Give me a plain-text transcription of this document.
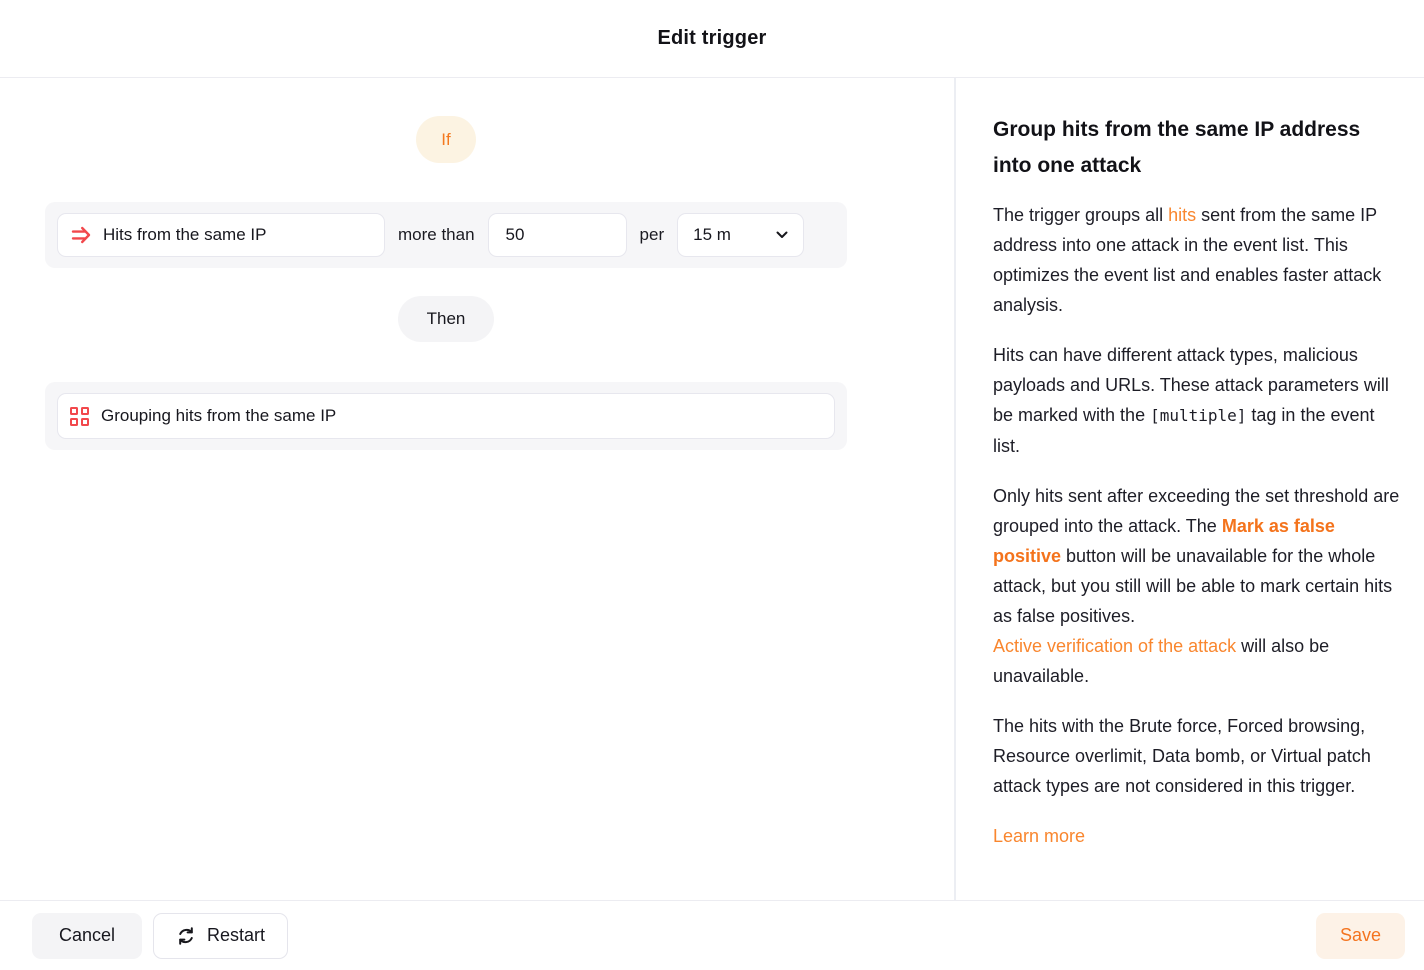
Edit trigger
If
Hits from the same IP	more than
50	per 15 m
Then
Grouping hits from the same IP
Group hits from the same IP address into one attack

The trigger groups all hits sent from the same IP address into one attack in the event list. This optimizes the event list and enables faster attack analysis.

Hits can have different attack types, malicious payloads and URLs. These attack parameters will be marked with the [multiple] tag in the event list.

Only hits sent after exceeding the set threshold are grouped into the attack. The Mark as false positive button will be unavailable for the whole attack, but you still will be able to mark certain hits as false positives.
Active verification of the attack will also be unavailable.

The hits with the Brute force, Forced browsing, Resource overlimit, Data bomb, or Virtual patch attack types are not considered in this trigger.

Learn more

Cancel	Restart	Save
